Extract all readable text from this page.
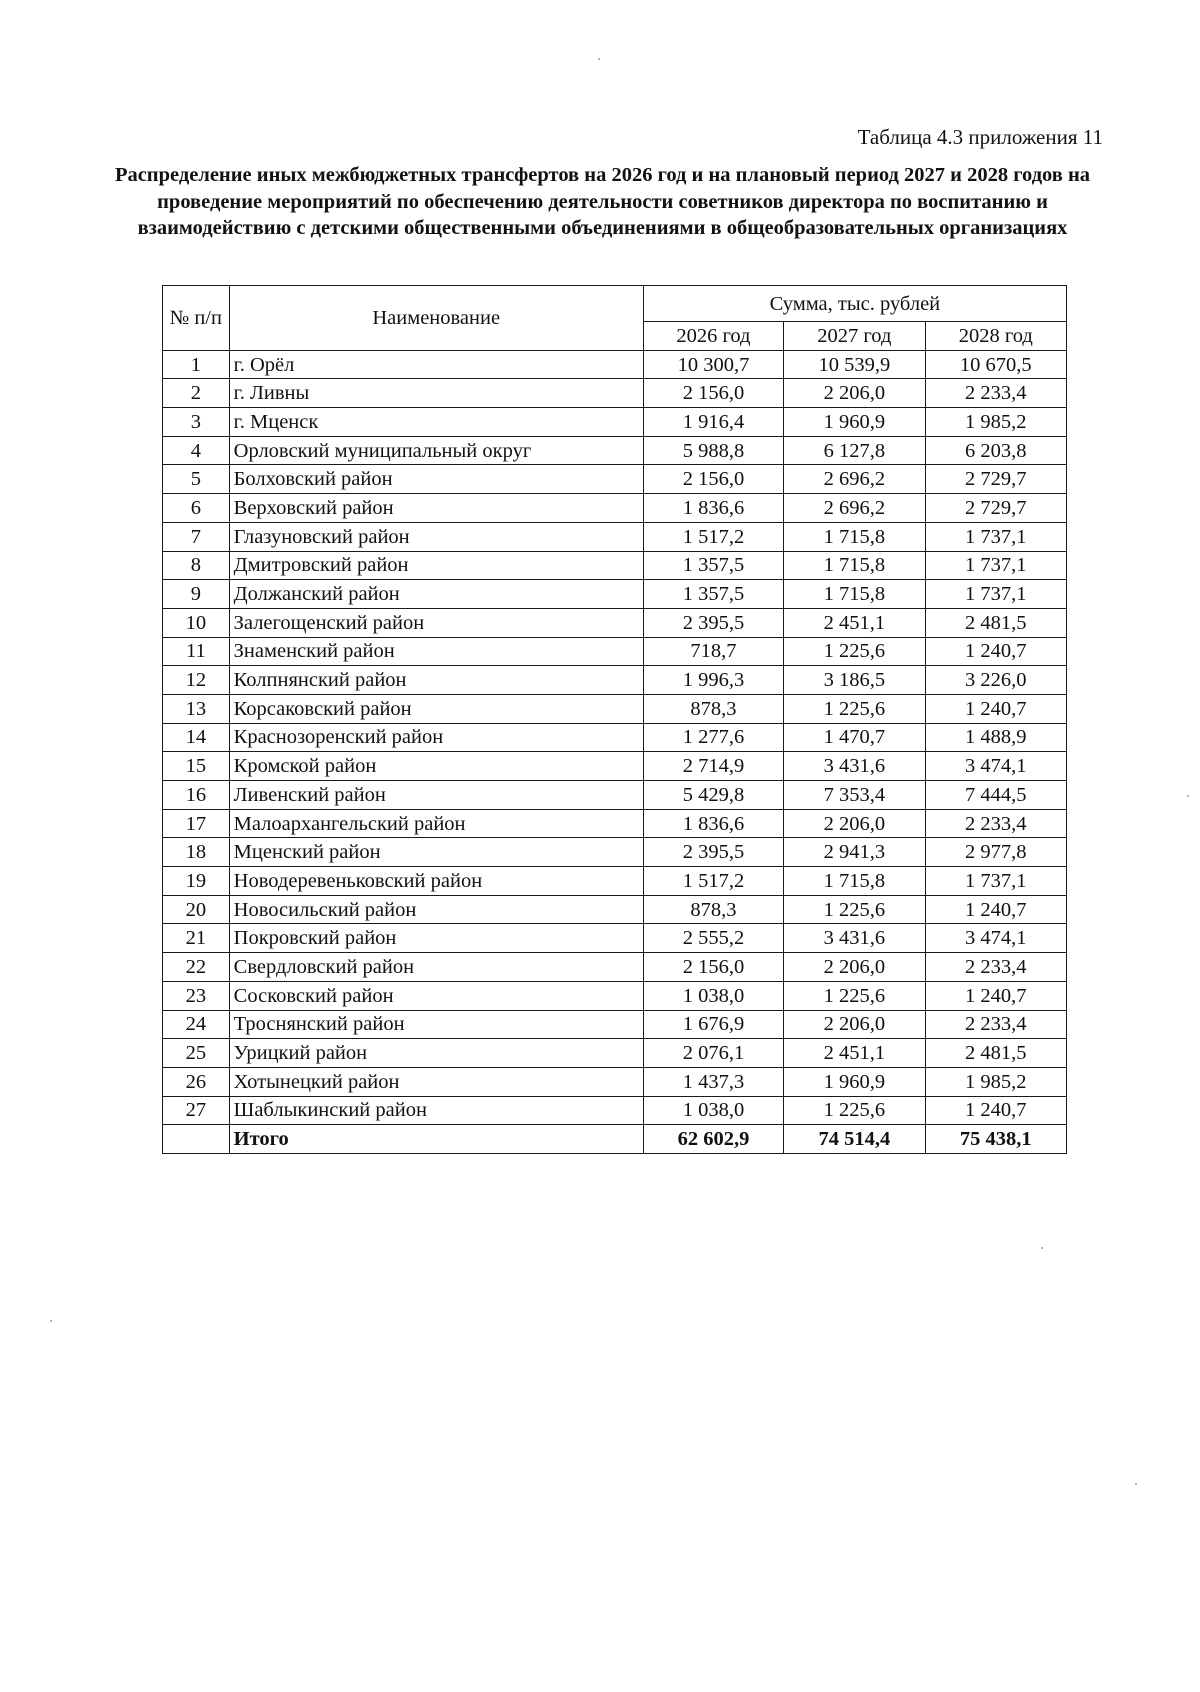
Таблица 4.3 приложения 11
Распределение иных межбюджетных трансфертов на 2026 год и на плановый период 2027 и 2028 годов на проведение мероприятий по обеспечению деятельности советников директора по воспитанию и взаимодействию с детскими общественными объединениями в общеобразовательных организациях
№ п/п	Наименование	Сумма, тыс. рублей		
		2026 год	2027 год	2028 год
1	г. Орёл	10 300,7	10 539,9	10 670,5
2	г. Ливны	2 156,0	2 206,0	2 233,4
3	г. Мценск	1 916,4	1 960,9	1 985,2
4	Орловский муниципальный округ	5 988,8	6 127,8	6 203,8
5	Болховский район	2 156,0	2 696,2	2 729,7
6	Верховский район	1 836,6	2 696,2	2 729,7
7	Глазуновский район	1 517,2	1 715,8	1 737,1
8	Дмитровский район	1 357,5	1 715,8	1 737,1
9	Должанский район	1 357,5	1 715,8	1 737,1
10	Залегощенский район	2 395,5	2 451,1	2 481,5
11	Знаменский район	718,7	1 225,6	1 240,7
12	Колпнянский район	1 996,3	3 186,5	3 226,0
13	Корсаковский район	878,3	1 225,6	1 240,7
14	Краснозоренский район	1 277,6	1 470,7	1 488,9
15	Кромской район	2 714,9	3 431,6	3 474,1
16	Ливенский район	5 429,8	7 353,4	7 444,5
17	Малоархангельский район	1 836,6	2 206,0	2 233,4
18	Мценский район	2 395,5	2 941,3	2 977,8
19	Новодеревеньковский район	1 517,2	1 715,8	1 737,1
20	Новосильский район	878,3	1 225,6	1 240,7
21	Покровский район	2 555,2	3 431,6	3 474,1
22	Свердловский район	2 156,0	2 206,0	2 233,4
23	Сосковский район	1 038,0	1 225,6	1 240,7
24	Троснянский район	1 676,9	2 206,0	2 233,4
25	Урицкий район	2 076,1	2 451,1	2 481,5
26	Хотынецкий район	1 437,3	1 960,9	1 985,2
27	Шаблыкинский район	1 038,0	1 225,6	1 240,7
	Итого	62 602,9	74 514,4	75 438,1
